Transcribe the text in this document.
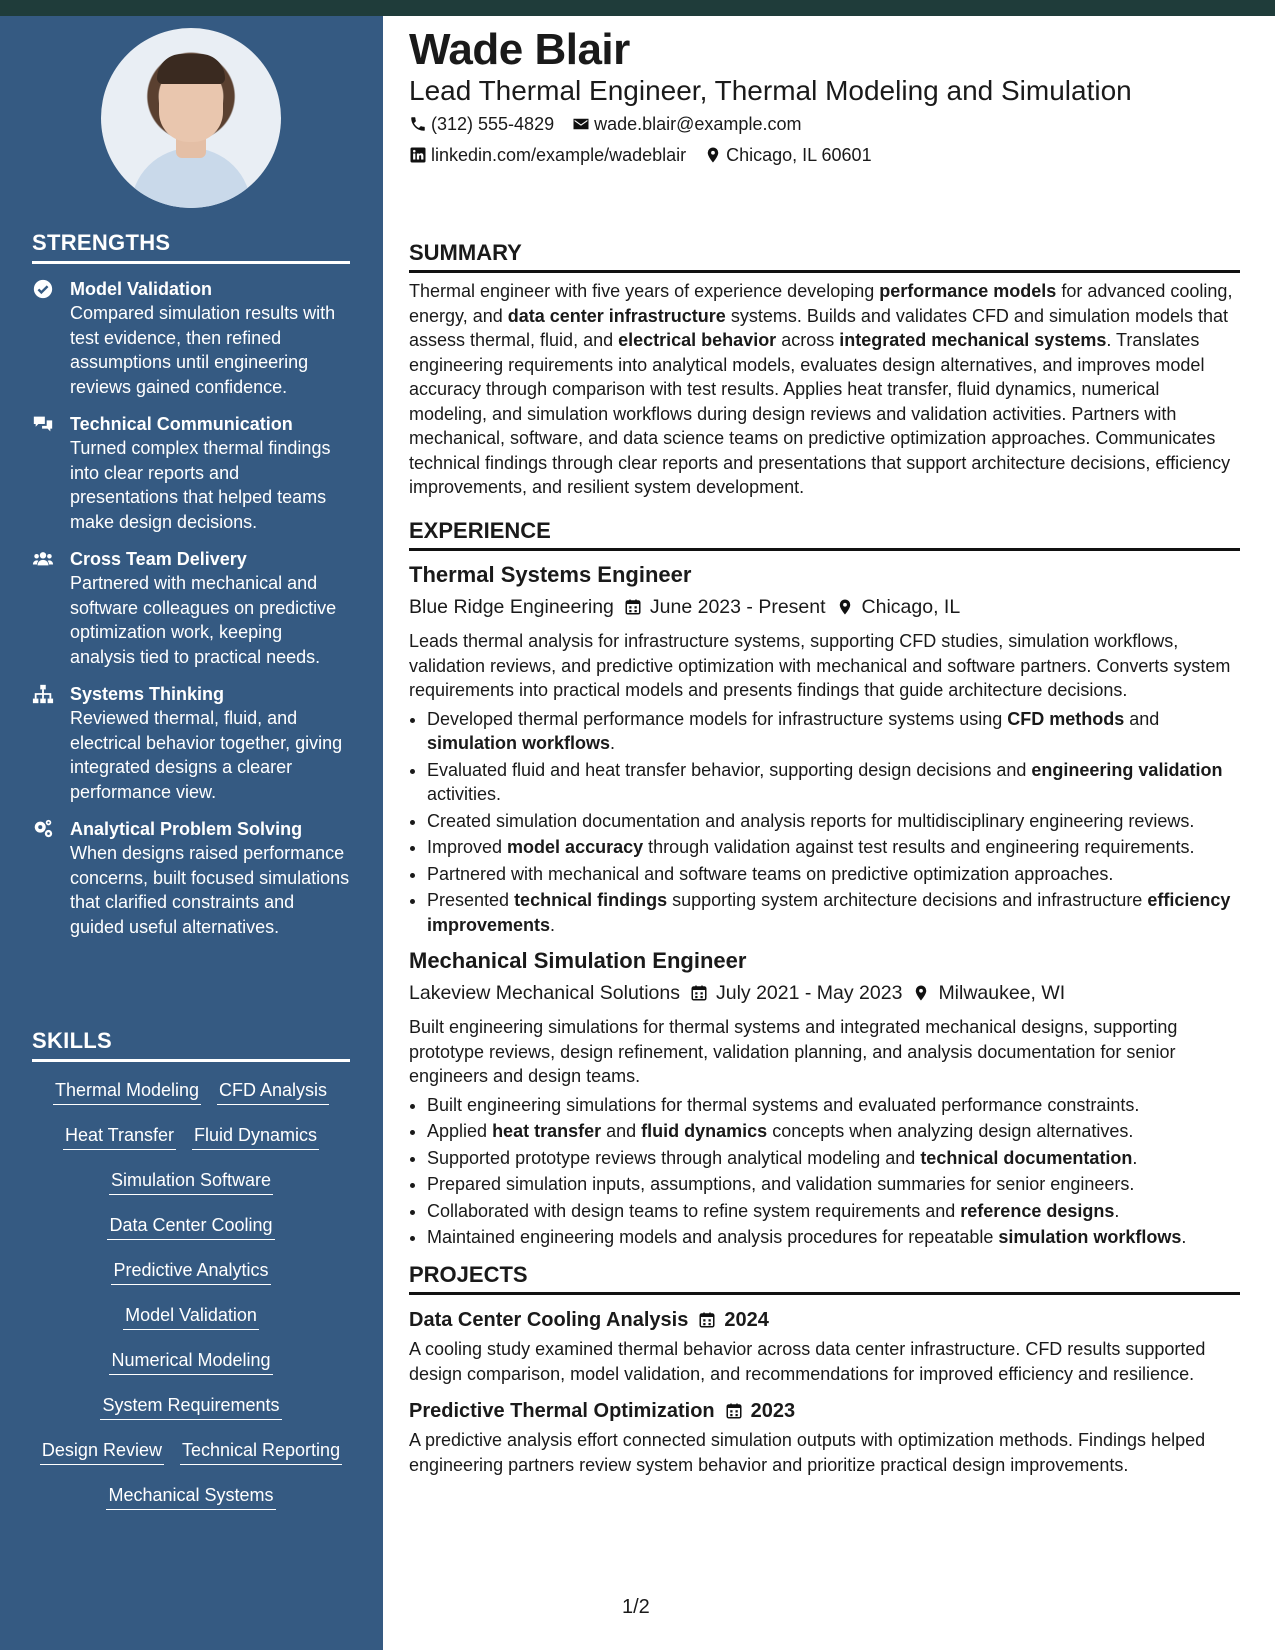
STRENGTHS
Model Validation
Compared simulation results with test evidence, then refined assumptions until engineering reviews gained confidence.
Technical Communication
Turned complex thermal findings into clear reports and presentations that helped teams make design decisions.
Cross Team Delivery
Partnered with mechanical and software colleagues on predictive optimization work, keeping analysis tied to practical needs.
Systems Thinking
Reviewed thermal, fluid, and electrical behavior together, giving integrated designs a clearer performance view.
Analytical Problem Solving
When designs raised performance concerns, built focused simulations that clarified constraints and guided useful alternatives.
SKILLS
Thermal Modeling CFD Analysis
Heat Transfer Fluid Dynamics
Simulation Software
Data Center Cooling
Predictive Analytics
Model Validation
Numerical Modeling
System Requirements
Design Review Technical Reporting
Mechanical Systems
Wade Blair
Lead Thermal Engineer, Thermal Modeling and Simulation
(312) 555-4829 wade.blair@example.com
linkedin.com/example/wadeblair Chicago, IL 60601
SUMMARY

Thermal engineer with five years of experience developing performance models for advanced cooling, energy, and data center infrastructure systems. Builds and validates CFD and simulation models that assess thermal, fluid, and electrical behavior across integrated mechanical systems. Translates engineering requirements into analytical models, evaluates design alternatives, and improves model accuracy through comparison with test results. Applies heat transfer, fluid dynamics, numerical modeling, and simulation workflows during design reviews and validation activities. Partners with mechanical, software, and data science teams on predictive optimization approaches. Communicates technical findings through clear reports and presentations that support architecture decisions, efficiency improvements, and resilient system development.

EXPERIENCE
Thermal Systems Engineer
Blue Ridge Engineering June 2023 - Present Chicago, IL

Leads thermal analysis for infrastructure systems, supporting CFD studies, simulation workflows, validation reviews, and predictive optimization with mechanical and software partners. Converts system requirements into practical models and presents findings that guide architecture decisions.

• Developed thermal performance models for infrastructure systems using CFD methods and simulation workflows.
• Evaluated fluid and heat transfer behavior, supporting design decisions and engineering validation activities.
• Created simulation documentation and analysis reports for multidisciplinary engineering reviews.
• Improved model accuracy through validation against test results and engineering requirements.
• Partnered with mechanical and software teams on predictive optimization approaches.
• Presented technical findings supporting system architecture decisions and infrastructure efficiency improvements.
Mechanical Simulation Engineer
Lakeview Mechanical Solutions July 2021 - May 2023 Milwaukee, WI

Built engineering simulations for thermal systems and integrated mechanical designs, supporting prototype reviews, design refinement, validation planning, and analysis documentation for senior engineers and design teams.

• Built engineering simulations for thermal systems and evaluated performance constraints.
• Applied heat transfer and fluid dynamics concepts when analyzing design alternatives.
• Supported prototype reviews through analytical modeling and technical documentation.
• Prepared simulation inputs, assumptions, and validation summaries for senior engineers.
• Collaborated with design teams to refine system requirements and reference designs.
• Maintained engineering models and analysis procedures for repeatable simulation workflows.
PROJECTS
Data Center Cooling Analysis 2024

A cooling study examined thermal behavior across data center infrastructure. CFD results supported design comparison, model validation, and recommendations for improved efficiency and resilience.

Predictive Thermal Optimization 2023

A predictive analysis effort connected simulation outputs with optimization methods. Findings helped engineering partners review system behavior and prioritize practical design improvements.

1/2
